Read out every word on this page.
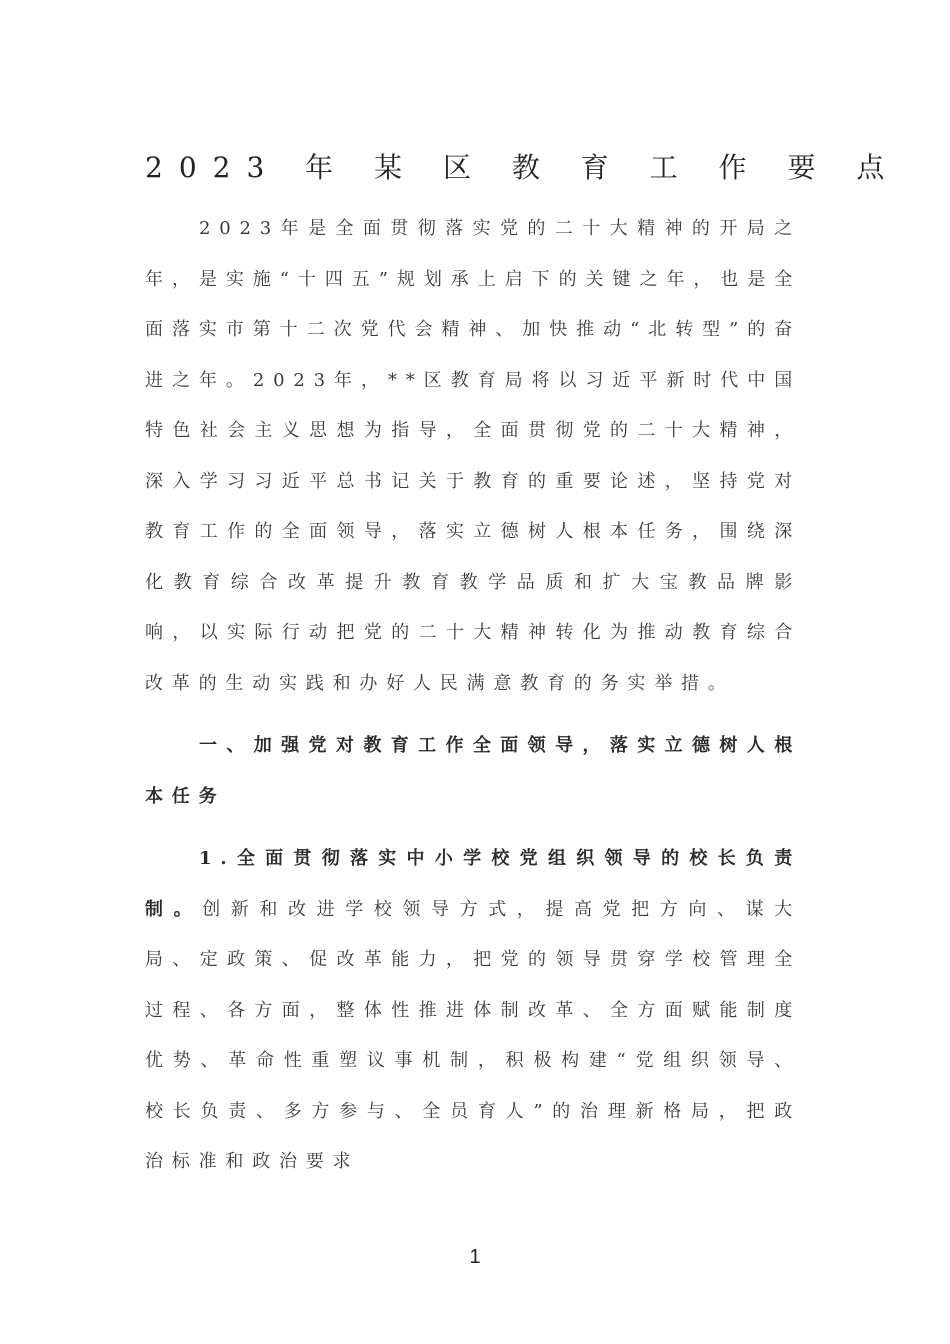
2023 年 某 区 教 育 工 作 要 点

2023年是全面贯彻落实党的二十大精神的开局之年，是实施“十四五”规划承上启下的关键之年，也是全面落实市第十二次党代会精神、加快推动“北转型”的奋进之年。2023年，**区教育局将以习近平新时代中国特色社会主义思想为指导，全面贯彻党的二十大精神，深入学习习近平总书记关于教育的重要论述，坚持党对教育工作的全面领导，落实立德树人根本任务，围绕深化教育综合改革提升教育教学品质和扩大宝教品牌影响，以实际行动把党的二十大精神转化为推动教育综合改革的生动实践和办好人民满意教育的务实举措。

一、加强党对教育工作全面领导，落实立德树人根本任务

1.全面贯彻落实中小学校党组织领导的校长负责制。创新和改进学校领导方式，提高党把方向、谋大局、定政策、促改革能力，把党的领导贯穿学校管理全过程、各方面，整体性推进体制改革、全方面赋能制度优势、革命性重塑议事机制，积极构建“党组织领导、校长负责、多方参与、全员育人”的治理新格局，把政治标准和政治要求

1
